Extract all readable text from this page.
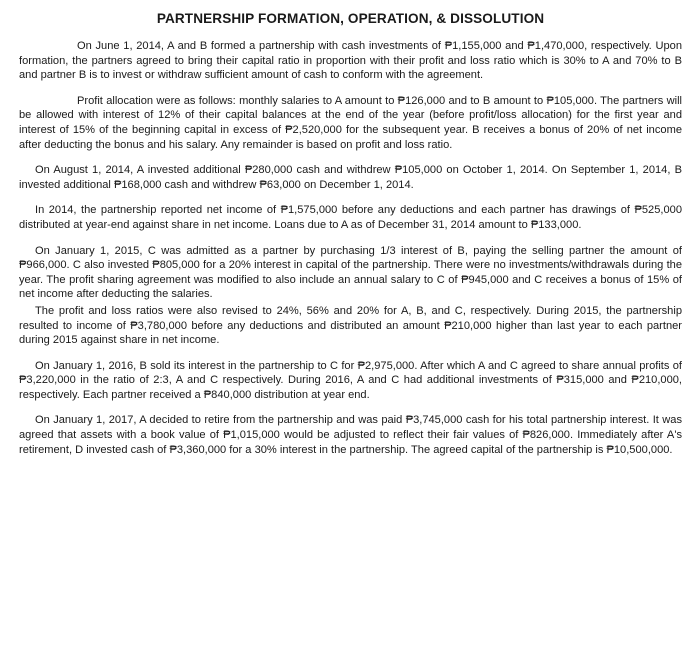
PARTNERSHIP FORMATION, OPERATION, & DISSOLUTION

On June 1, 2014, A and B formed a partnership with cash investments of ₱1,155,000 and ₱1,470,000, respectively. Upon formation, the partners agreed to bring their capital ratio in proportion with their profit and loss ratio which is 30% to A and 70% to B and partner B is to invest or withdraw sufficient amount of cash to conform with the agreement.

Profit allocation were as follows: monthly salaries to A amount to ₱126,000 and to B amount to ₱105,000. The partners will be allowed with interest of 12% of their capital balances at the end of the year (before profit/loss allocation) for the first year and interest of 15% of the beginning capital in excess of ₱2,520,000 for the subsequent year. B receives a bonus of 20% of net income after deducting the bonus and his salary. Any remainder is based on profit and loss ratio.

On August 1, 2014, A invested additional ₱280,000 cash and withdrew ₱105,000 on October 1, 2014. On September 1, 2014, B invested additional ₱168,000 cash and withdrew ₱63,000 on December 1, 2014.

In 2014, the partnership reported net income of ₱1,575,000 before any deductions and each partner has drawings of ₱525,000 distributed at year-end against share in net income. Loans due to A as of December 31, 2014 amount to ₱133,000.

On January 1, 2015, C was admitted as a partner by purchasing 1/3 interest of B, paying the selling partner the amount of ₱966,000. C also invested ₱805,000 for a 20% interest in capital of the partnership. There were no investments/withdrawals during the year. The profit sharing agreement was modified to also include an annual salary to C of ₱945,000 and C receives a bonus of 15% of net income after deducting the salaries.

The profit and loss ratios were also revised to 24%, 56% and 20% for A, B, and C, respectively. During 2015, the partnership resulted to income of ₱3,780,000 before any deductions and distributed an amount ₱210,000 higher than last year to each partner during 2015 against share in net income.

On January 1, 2016, B sold its interest in the partnership to C for ₱2,975,000. After which A and C agreed to share annual profits of ₱3,220,000 in the ratio of 2:3, A and C respectively. During 2016, A and C had additional investments of ₱315,000 and ₱210,000, respectively. Each partner received a ₱840,000 distribution at year end.

On January 1, 2017, A decided to retire from the partnership and was paid ₱3,745,000 cash for his total partnership interest. It was agreed that assets with a book value of ₱1,015,000 would be adjusted to reflect their fair values of ₱826,000. Immediately after A's retirement, D invested cash of ₱3,360,000 for a 30% interest in the partnership. The agreed capital of the partnership is ₱10,500,000.
